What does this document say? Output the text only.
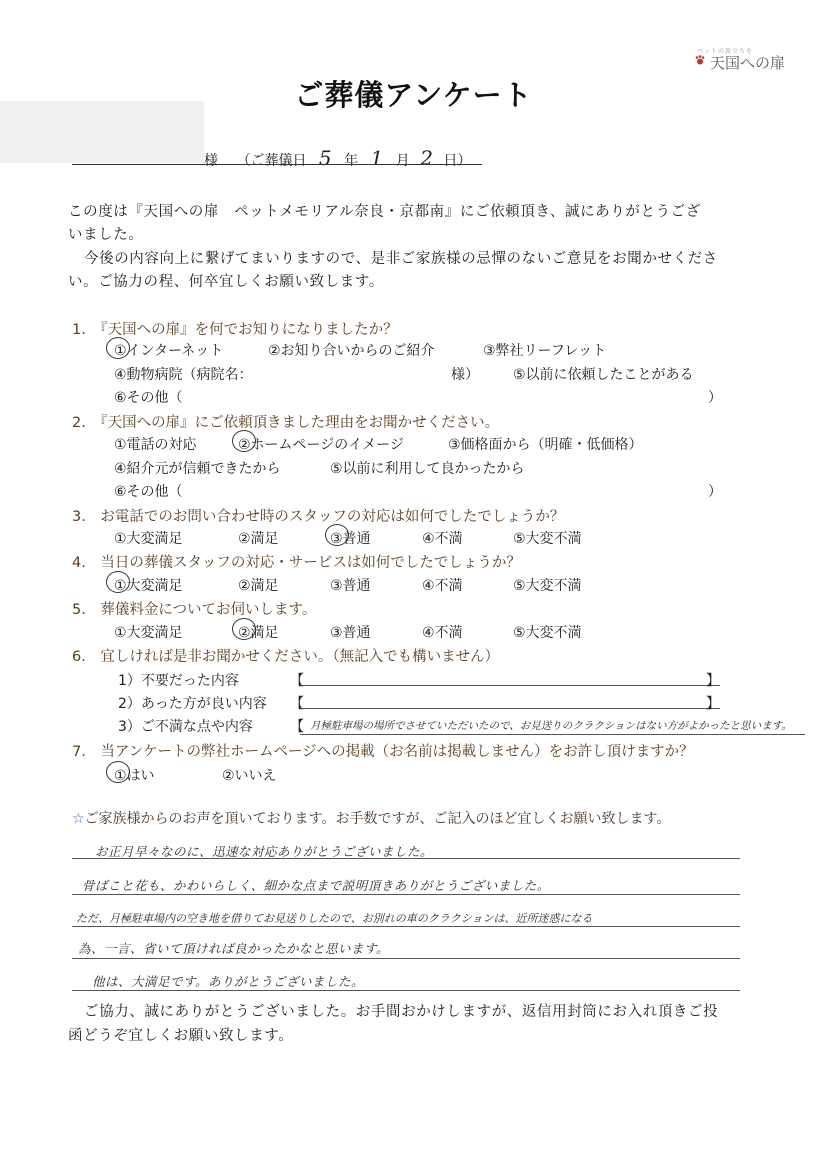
ペットの旅立ちを
天国への扉
ご葬儀アンケート
様 （ご葬儀日 5 年 1 月 2 日）
この度は『天国への扉　ペットメモリアル奈良・京都南』にご依頼頂き、誠にありがとうござ
いました。
今後の内容向上に繋げてまいりますので、是非ご家族様の忌憚のないご意見をお聞かせくださ
い。ご協力の程、何卒宜しくお願い致します。
1.　『天国への扉』を何でお知りになりましたか？
①インターネット	②お知り合いからのご紹介	③弊社リーフレット
④動物病院（病院名：	様） ⑤以前に依頼したことがある
⑥その他（	）
2.　『天国への扉』にご依頼頂きました理由をお聞かせください。
①電話の対応	②ホームページのイメージ	③価格面から（明確・低価格）
④紹介元が信頼できたから	⑤以前に利用して良かったから
⑥その他（	）
3.　お電話でのお問い合わせ時のスタッフの対応は如何でしたでしょうか？
①大変満足	②満足	③普通	④不満	⑤大変不満
4.　当日の葬儀スタッフの対応・サービスは如何でしたでしょうか？
①大変満足	②満足	③普通	④不満	⑤大変不満
5.　葬儀料金についてお伺いします。
①大変満足	②満足	③普通	④不満	⑤大変不満
6.　宜しければ是非お聞かせください。（無記入でも構いません）
1）不要だった内容	【	】
2）あった方が良い内容 【	】
3）ご不満な点や内容	【 月極駐車場の場所でさせていただいたので、お見送りのクラクションはない方がよかったと思います。
7.　当アンケートの弊社ホームページへの掲載（お名前は掲載しません）をお許し頂けますか？
①はい	②いいえ
☆ご家族様からのお声を頂いております。お手数ですが、ご記入のほど宜しくお願い致します。
お正月早々なのに、迅速な対応ありがとうございました。
骨ばこと花も、かわいらしく、細かな点まで説明頂きありがとうございました。
ただ、月極駐車場内の空き地を借りてお見送りしたので、お別れの車のクラクションは、近所迷惑になる
為、一言、省いて頂ければ良かったかなと思います。
他は、大満足です。ありがとうございました。
ご協力、誠にありがとうございました。お手間おかけしますが、返信用封筒にお入れ頂きご投
函どうぞ宜しくお願い致します。
